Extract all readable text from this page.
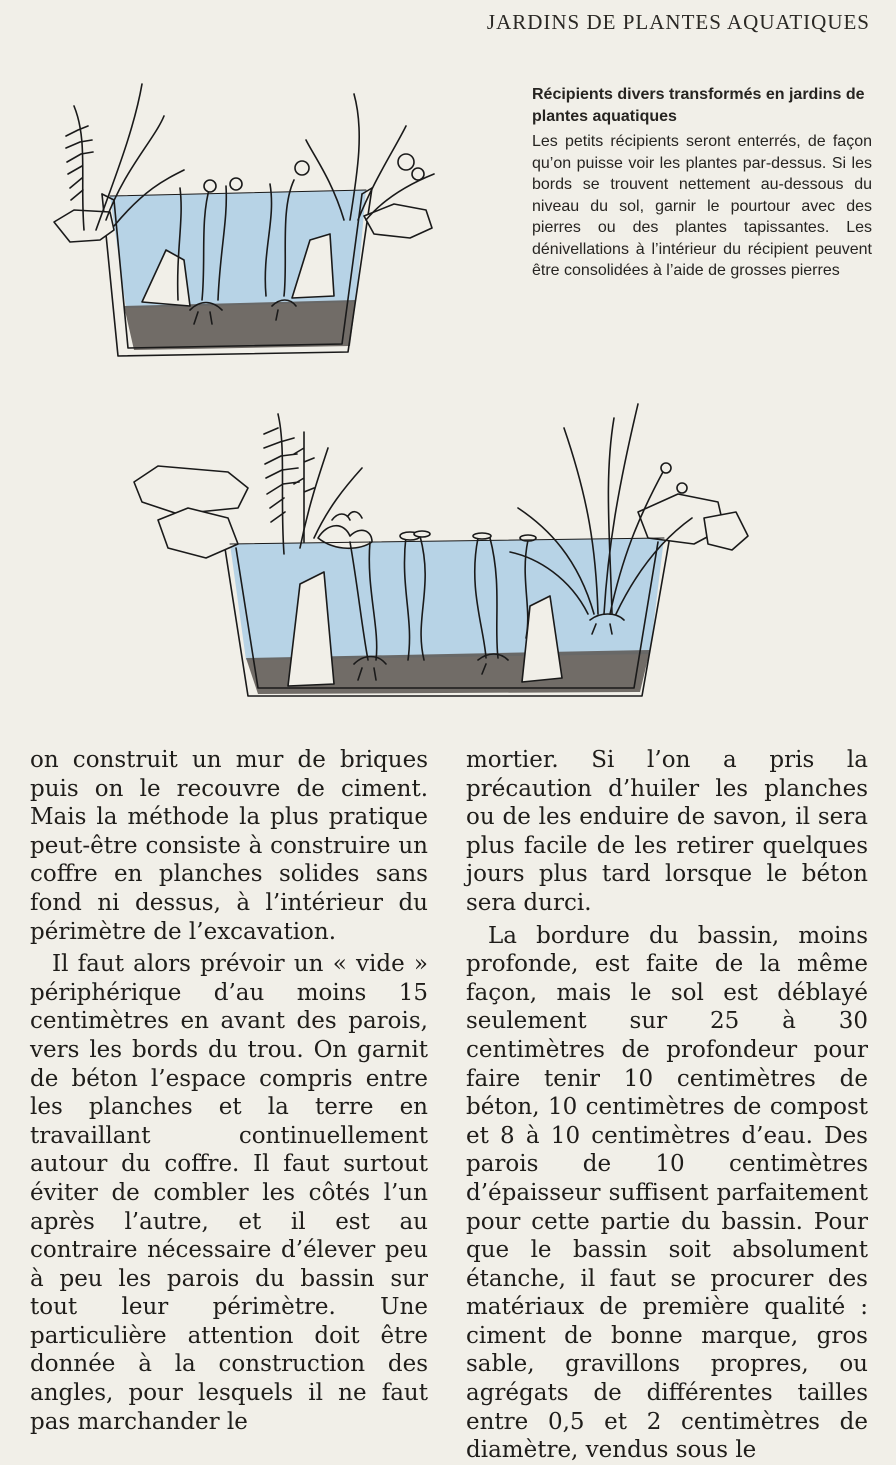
JARDINS DE PLANTES AQUATIQUES

Récipients divers transformés en jardins de plantes aquatiques

Les petits récipients seront enterrés, de façon qu’on puisse voir les plantes par-dessus. Si les bords se trouvent nettement au-dessous du niveau du sol, garnir le pourtour avec des pierres ou des plantes tapissantes. Les dénivellations à l’intérieur du récipient peuvent être consolidées à l’aide de grosses pierres

on construit un mur de briques puis on le recouvre de ciment. Mais la méthode la plus pratique peut-être consiste à construire un coffre en planches solides sans fond ni dessus, à l’intérieur du périmètre de l’excavation.

Il faut alors prévoir un « vide » périphérique d’au moins 15 centimètres en avant des parois, vers les bords du trou. On garnit de béton l’espace compris entre les planches et la terre en travaillant continuellement autour du coffre. Il faut surtout éviter de combler les côtés l’un après l’autre, et il est au contraire nécessaire d’élever peu à peu les parois du bassin sur tout leur périmètre. Une particulière attention doit être donnée à la construction des angles, pour lesquels il ne faut pas marchander le

mortier. Si l’on a pris la précaution d’huiler les planches ou de les enduire de savon, il sera plus facile de les retirer quelques jours plus tard lorsque le béton sera durci.

La bordure du bassin, moins profonde, est faite de la même façon, mais le sol est déblayé seulement sur 25 à 30 centimètres de profondeur pour faire tenir 10 centimètres de béton, 10 centimètres de compost et 8 à 10 centimètres d’eau. Des parois de 10 centimètres d’épaisseur suffisent parfaitement pour cette partie du bassin. Pour que le bassin soit absolument étanche, il faut se procurer des matériaux de première qualité : ciment de bonne marque, gros sable, gravillons propres, ou agrégats de différentes tailles entre 0,5 et 2 centimètres de diamètre, vendus sous le
